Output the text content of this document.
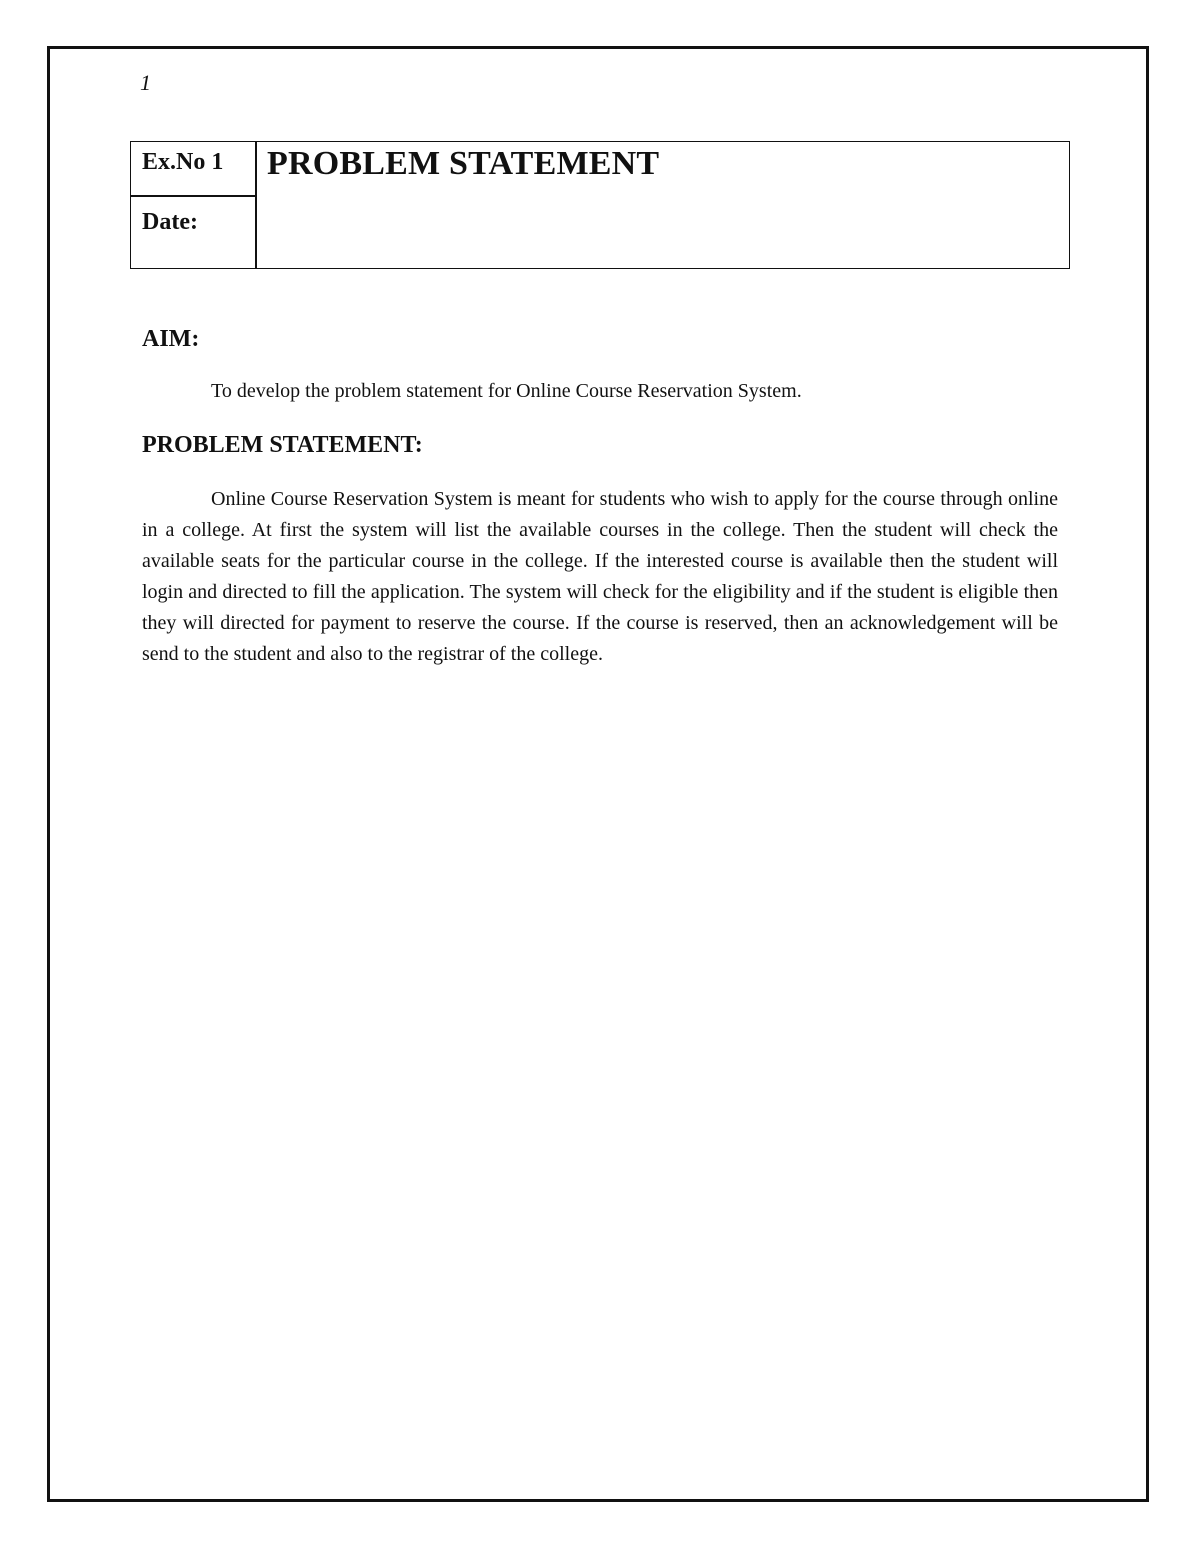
1
Ex.No 1
Date:
PROBLEM STATEMENT
AIM:
To develop the problem statement for Online Course Reservation System.
PROBLEM STATEMENT:

Online Course Reservation System is meant for students who wish to apply for the course through online in a college. At first the system will list the available courses in the college. Then the student will check the available seats for the particular course in the college. If the interested course is available then the student will login and directed to fill the application. The system will check for the eligibility and if the student is eligible then they will directed for payment to reserve the course. If the course is reserved, then an acknowledgement will be send to the student and also to the registrar of the college.
